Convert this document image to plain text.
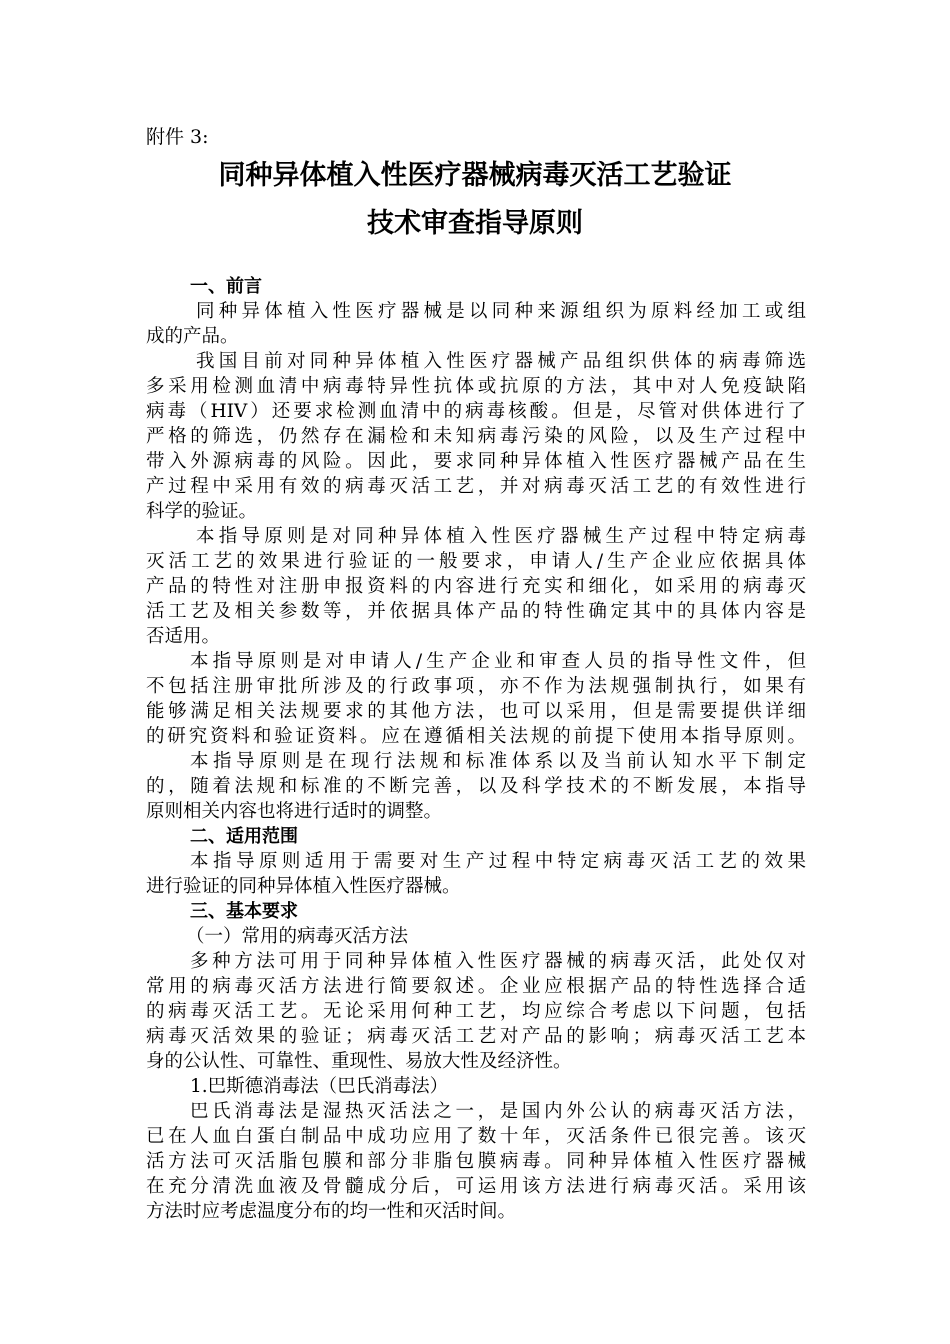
附件 3:
同种异体植入性医疗器械病毒灭活工艺验证
技术审查指导原则
一、前言
同种异体植入性医疗器械是以同种来源组织为原料经加工或组
成的产品。
我国目前对同种异体植入性医疗器械产品组织供体的病毒筛选
多采用检测血清中病毒特异性抗体或抗原的方法，其中对人免疫缺陷
病毒（HIV）还要求检测血清中的病毒核酸。但是，尽管对供体进行了
严格的筛选，仍然存在漏检和未知病毒污染的风险，以及生产过程中
带入外源病毒的风险。因此，要求同种异体植入性医疗器械产品在生
产过程中采用有效的病毒灭活工艺，并对病毒灭活工艺的有效性进行
科学的验证。
本指导原则是对同种异体植入性医疗器械生产过程中特定病毒
灭活工艺的效果进行验证的一般要求，申请人/生产企业应依据具体
产品的特性对注册申报资料的内容进行充实和细化，如采用的病毒灭
活工艺及相关参数等，并依据具体产品的特性确定其中的具体内容是
否适用。
本指导原则是对申请人/生产企业和审查人员的指导性文件，但
不包括注册审批所涉及的行政事项，亦不作为法规强制执行，如果有
能够满足相关法规要求的其他方法，也可以采用，但是需要提供详细
的研究资料和验证资料。应在遵循相关法规的前提下使用本指导原则。
本指导原则是在现行法规和标准体系以及当前认知水平下制定
的，随着法规和标准的不断完善，以及科学技术的不断发展，本指导
原则相关内容也将进行适时的调整。
二、适用范围
本指导原则适用于需要对生产过程中特定病毒灭活工艺的效果
进行验证的同种异体植入性医疗器械。
三、基本要求
（一）常用的病毒灭活方法
多种方法可用于同种异体植入性医疗器械的病毒灭活，此处仅对
常用的病毒灭活方法进行简要叙述。企业应根据产品的特性选择合适
的病毒灭活工艺。无论采用何种工艺，均应综合考虑以下问题，包括
病毒灭活效果的验证；病毒灭活工艺对产品的影响；病毒灭活工艺本
身的公认性、可靠性、重现性、易放大性及经济性。
1.巴斯德消毒法（巴氏消毒法）
巴氏消毒法是湿热灭活法之一，是国内外公认的病毒灭活方法，
已在人血白蛋白制品中成功应用了数十年，灭活条件已很完善。该灭
活方法可灭活脂包膜和部分非脂包膜病毒。同种异体植入性医疗器械
在充分清洗血液及骨髓成分后，可运用该方法进行病毒灭活。采用该
方法时应考虑温度分布的均一性和灭活时间。
